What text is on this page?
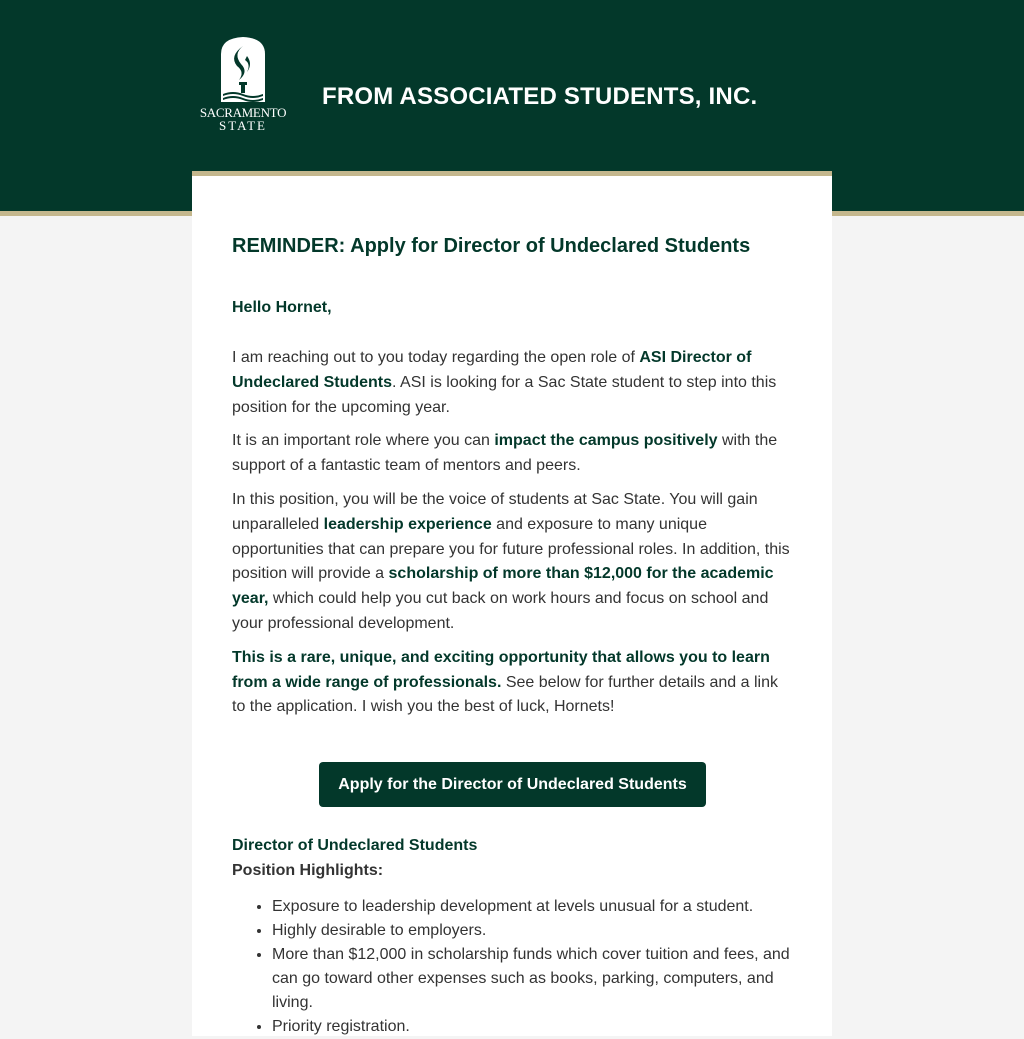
SACRAMENTO
STATE
FROM ASSOCIATED STUDENTS, INC.
REMINDER: Apply for Director of Undeclared Students

Hello Hornet,

I am reaching out to you today regarding the open role of ASI Director of Undeclared Students. ASI is looking for a Sac State student to step into this position for the upcoming year.

It is an important role where you can impact the campus positively with the support of a fantastic team of mentors and peers.

In this position, you will be the voice of students at Sac State. You will gain unparalleled leadership experience and exposure to many unique opportunities that can prepare you for future professional roles. In addition, this position will provide a scholarship of more than $12,000 for the academic year, which could help you cut back on work hours and focus on school and your professional development.

This is a rare, unique, and exciting opportunity that allows you to learn from a wide range of professionals. See below for further details and a link to the application. I wish you the best of luck, Hornets!

Apply for the Director of Undeclared Students
Director of Undeclared Students
Position Highlights:
• Exposure to leadership development at levels unusual for a student.
• Highly desirable to employers.
• More than $12,000 in scholarship funds which cover tuition and fees, and can go toward other expenses such as books, parking, computers, and living.
• Priority registration.
